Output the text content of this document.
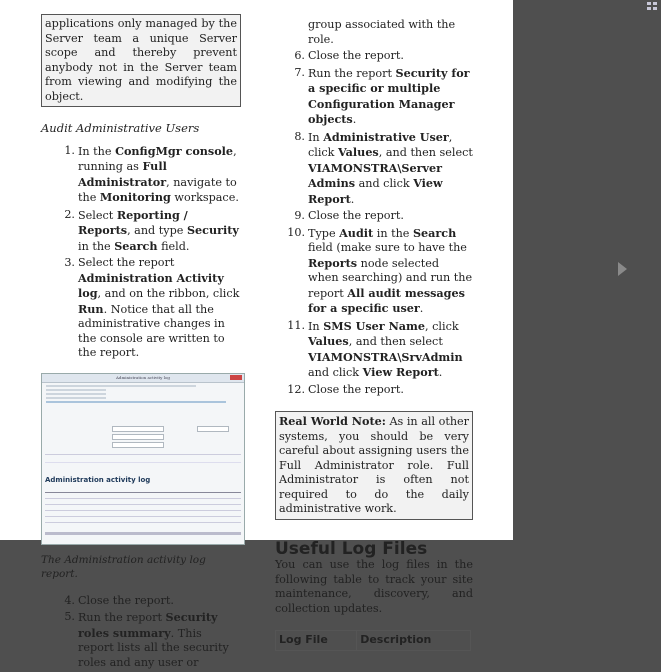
applications only managed by the Server team a unique Server scope and thereby prevent anybody not in the Server team from viewing and modifying the object.
Audit Administrative Users
1. In the ConfigMgr console, running as Full Administrator, navigate to the Monitoring workspace.
2. Select Reporting / Reports, and type Security in the Search field.
3. Select the report Administration Activity log, and on the ribbon, click Run. Notice that all the administrative changes in the console are written to the report.
Administration activity log
Administration activity log
The Administration activity log report.
4. Close the report.
5. Run the report Security roles summary. This report lists all the security roles and any user or
group associated with the role.
6. Close the report.
7. Run the report Security for a specific or multiple Configuration Manager objects.
8. In Administrative User, click Values, and then select VIAMONSTRA\Server Admins and click View Report.
9. Close the report.
10. Type Audit in the Search field (make sure to have the Reports node selected when searching) and run the report All audit messages for a specific user.
11. In SMS User Name, click Values, and then select VIAMONSTRA\SrvAdmin and click View Report.
12. Close the report.
Real World Note: As in all other systems, you should be very careful about assigning users the Full Administrator role. Full Administrator is often not required to do the daily administrative work.
Useful Log Files

You can use the log files in the following table to track your site maintenance, discovery, and collection updates.

Log File	Description
